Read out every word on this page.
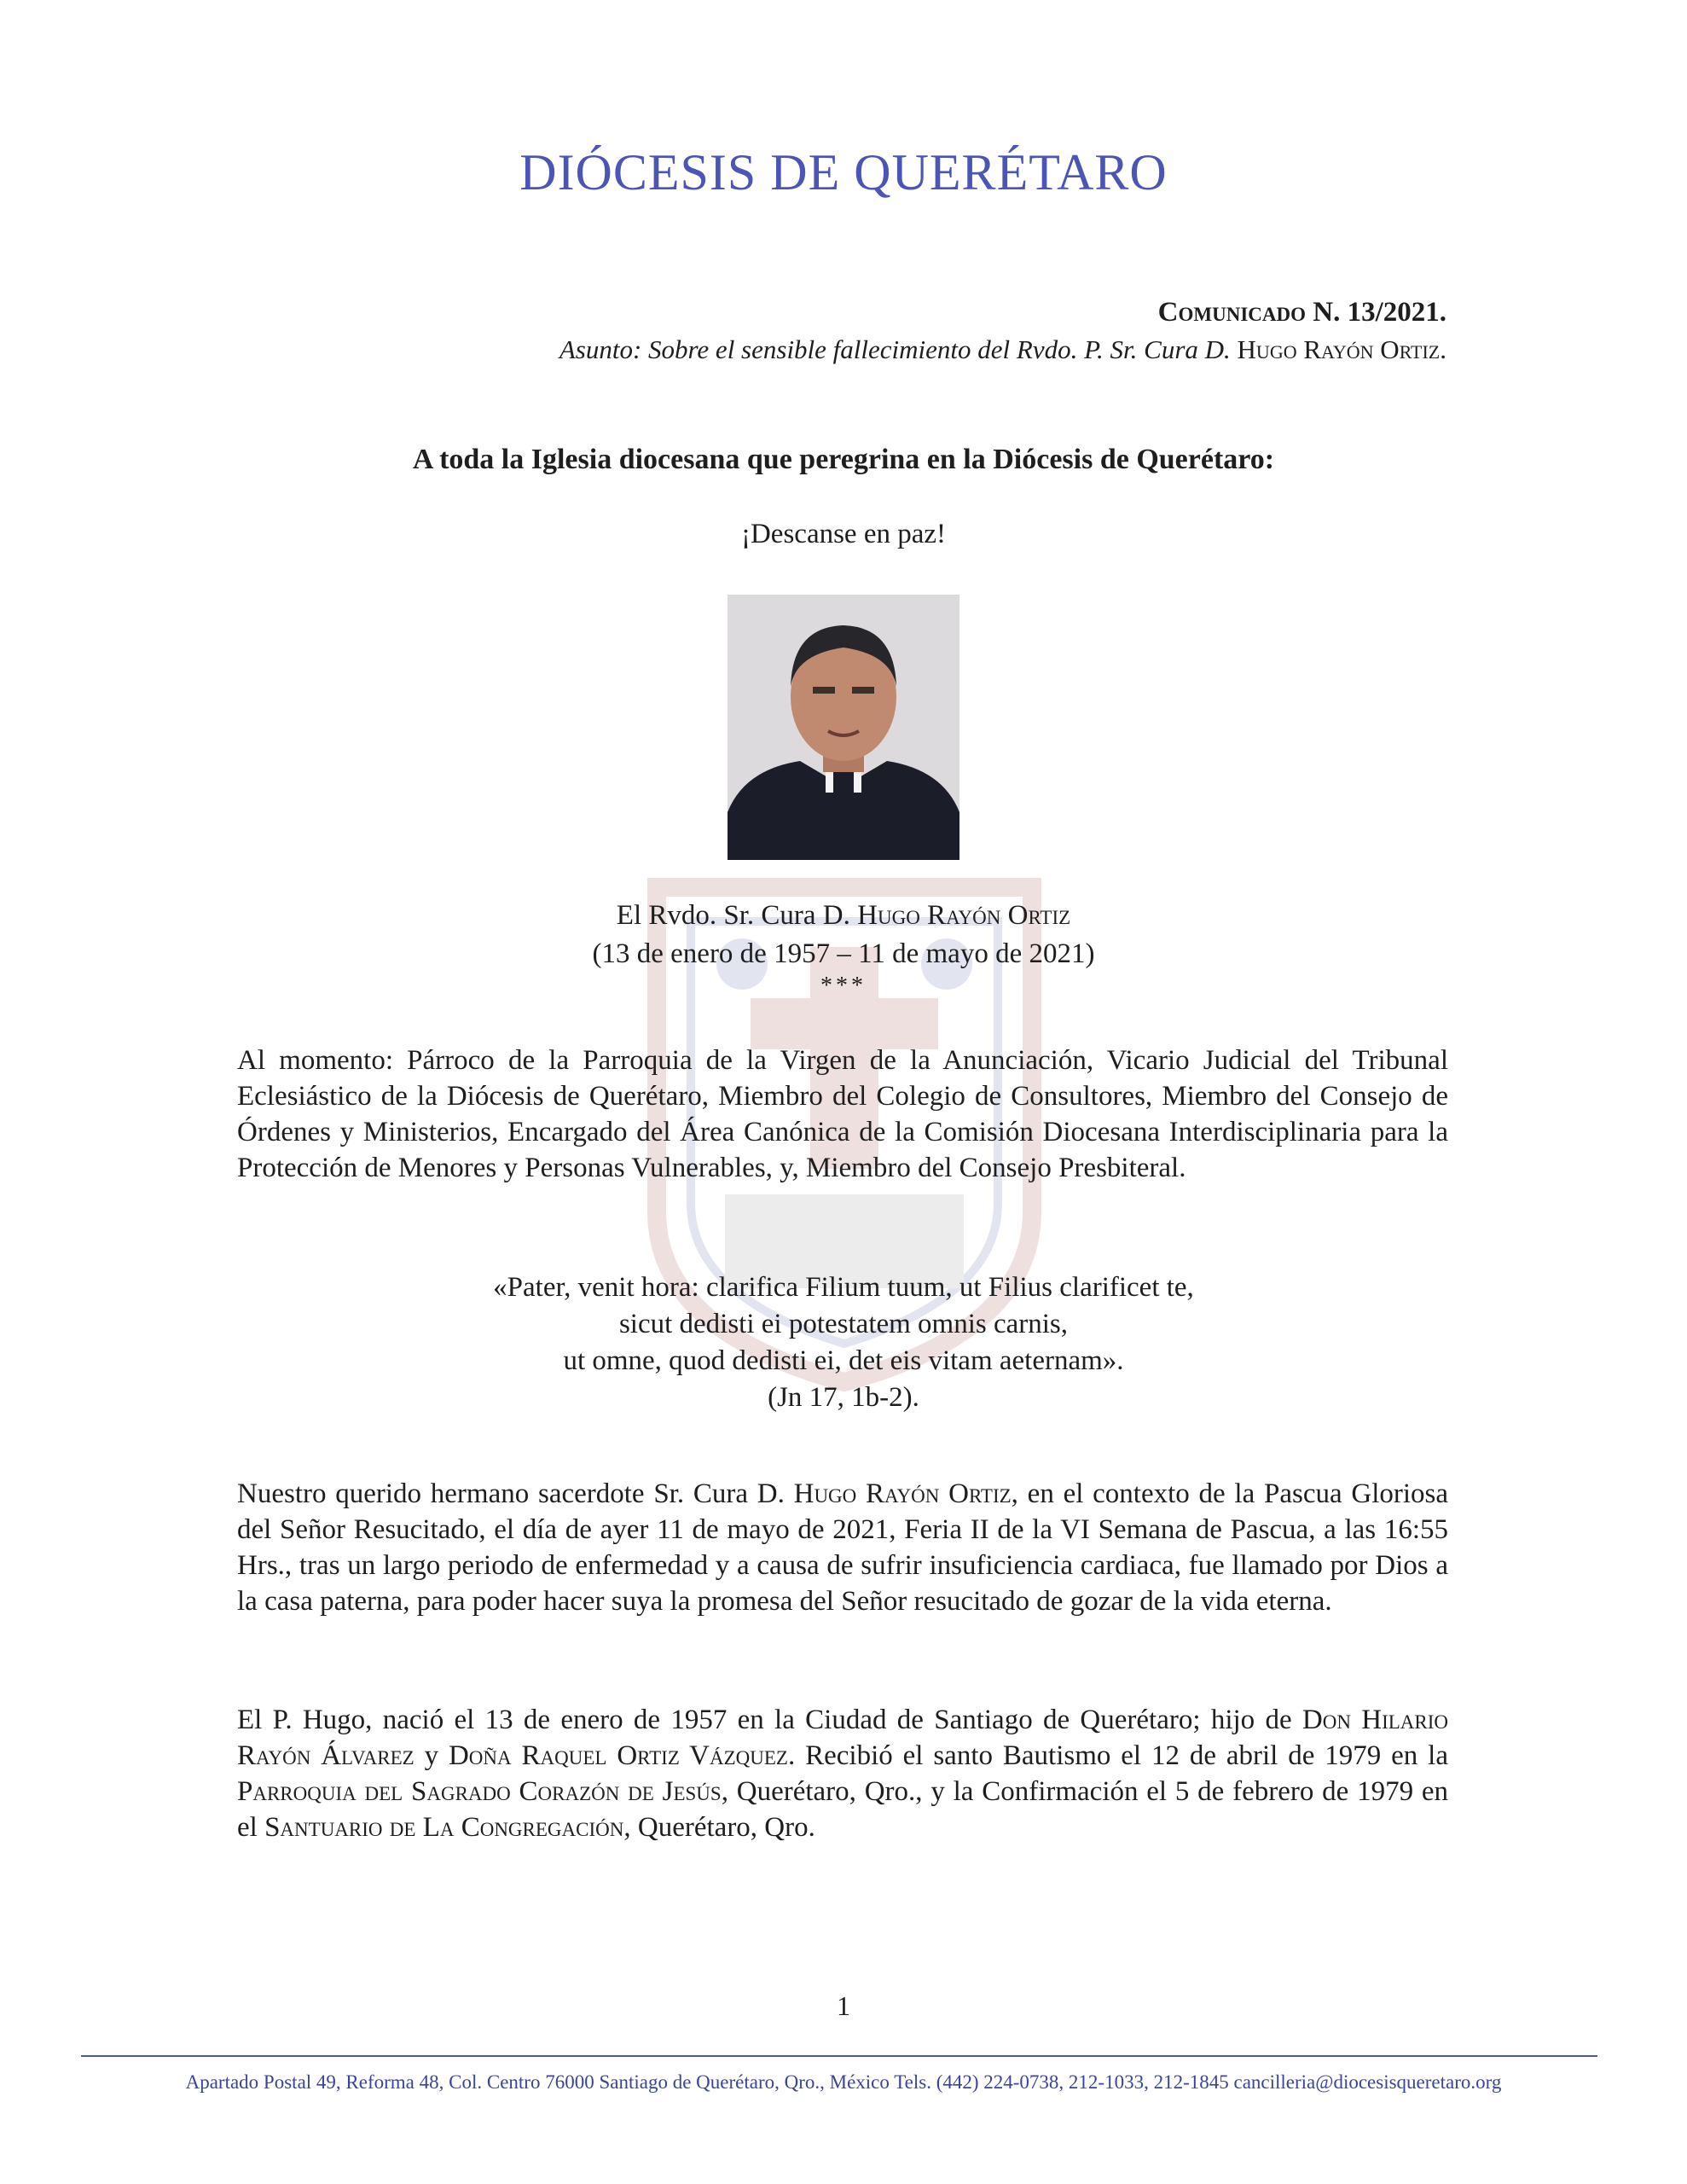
DIÓCESIS DE QUERÉTARO
Comunicado N. 13/2021.
Asunto: Sobre el sensible fallecimiento del Rvdo. P. Sr. Cura D. Hugo Rayón Ortiz.
A toda la Iglesia diocesana que peregrina en la Diócesis de Querétaro:
¡Descanse en paz!
El Rvdo. Sr. Cura D. Hugo Rayón Ortiz
(13 de enero de 1957 – 11 de mayo de 2021)
***

Al momento: Párroco de la Parroquia de la Virgen de la Anunciación, Vicario Judicial del Tribunal Eclesiástico de la Diócesis de Querétaro, Miembro del Colegio de Consultores, Miembro del Consejo de Órdenes y Ministerios, Encargado del Área Canónica de la Comisión Diocesana Interdisciplinaria para la Protección de Menores y Personas Vulnerables, y, Miembro del Consejo Presbiteral.

«Pater, venit hora: clarifica Filium tuum, ut Filius clarificet te,
sicut dedisti ei potestatem omnis carnis,
ut omne, quod dedisti ei, det eis vitam aeternam».
(Jn 17, 1b-2).

Nuestro querido hermano sacerdote Sr. Cura D. Hugo Rayón Ortiz, en el contexto de la Pascua Gloriosa del Señor Resucitado, el día de ayer 11 de mayo de 2021, Feria II de la VI Semana de Pascua, a las 16:55 Hrs., tras un largo periodo de enfermedad y a causa de sufrir insuficiencia cardiaca, fue llamado por Dios a la casa paterna, para poder hacer suya la promesa del Señor resucitado de gozar de la vida eterna.

El P. Hugo, nació el 13 de enero de 1957 en la Ciudad de Santiago de Querétaro; hijo de Don Hilario Rayón Álvarez y Doña Raquel Ortiz Vázquez. Recibió el santo Bautismo el 12 de abril de 1979 en la Parroquia del Sagrado Corazón de Jesús, Querétaro, Qro., y la Confirmación el 5 de febrero de 1979 en el Santuario de La Congregación, Querétaro, Qro.

1
Apartado Postal 49, Reforma 48, Col. Centro 76000 Santiago de Querétaro, Qro., México Tels. (442) 224-0738, 212-1033, 212-1845 cancilleria@diocesisqueretaro.org
